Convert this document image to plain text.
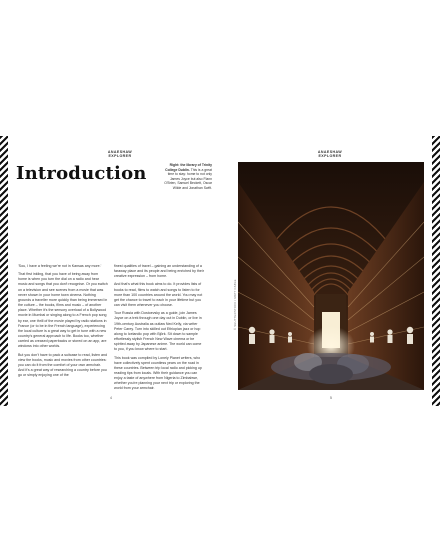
ANAESHAW EXPLORER
ANAESHAW EXPLORER
Introduction	Right: the library of Trinity College Dublin. This is a great time to stay: home to not only James Joyce but also Flann O'Brien, Samuel Beckett, Oscar Wilde and Jonathan Swift.

'Sou, I have a feeling we're not in Kansas any more.'

That first inkling, that you have of being away from home is when you turn the dial on a radio and hear music and songs that you don't recognise. Or you switch on a television and see scenes from a movie that was never shown in your home town cinema. Nothing grounds a traveller more quickly than being immersed in the culture – the books, films and music – of another place. Whether it's the sensory overload of a Bollywood movie in Mumbai or singing along to a French pop song by ear, one thrill of the movie played by radio stations in France (or to be in the French language), experiencing the local culture is a great way to get in tune with a new country's general approach to life. Books too, whether carried as creased paperbacks or stored on an app, are windows into other worlds.

But you don't have to pack a suitcase to read, listen and view the books, music and movies from other countries: you can do it from the comfort of your own armchair. And it's a great way of researching a country before you go or simply enjoying one of the

finest qualities of travel – gaining an understanding of a faraway place and its people and being enriched by their creative expression – from home.

And that's what this book aims to do. It provides lists of books to read, films to watch and songs to listen to for more than 100 countries around the world. You may not get the chance to travel to each in your lifetime but you can visit them whenever you choose.

Tour Russia with Dostoevsky as a guide, join James Joyce on a trek through one day out in Dublin, or live in 19th-century Australia as outlaw Ned Kelly, via writer Peter Carey. Turn into skilled out Ethiopian jazz or hop along to Icelandic pop with Björk. Sit down to sample effortlessly stylish French New Wave cinema or be spirited away by Japanese anime. The world can come to you, if you know where to start.

This book was compiled by Lonely Planet writers, who have collectively spent countless years on the road in these countries. Between trip local radio and picking up reading tips from locals. With their guidance you can enjoy a taste of anywhere from Nigeria to Zimbabwe, whether you're planning your next trip or exploring the world from your armchair.

4	5
© SHUTTERSTOCK / MATT CABLE
